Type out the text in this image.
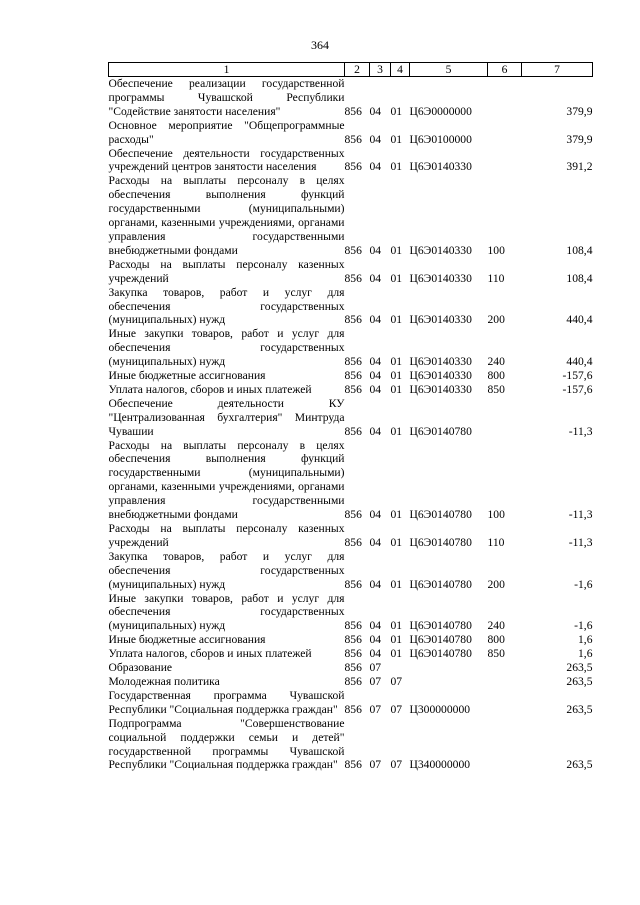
364
1	2	3	4	5	6	7
Обеспечение реализации государственной программы Чувашской Республики "Содействие занятости населения"	856	04	01	Ц6Э0000000		379,9
Основное мероприятие "Общепрограммные расходы"	856	04	01	Ц6Э0100000		379,9
Обеспечение деятельности государственных учреждений центров занятости населения	856	04	01	Ц6Э0140330		391,2
Расходы на выплаты персоналу в целях обеспечения выполнения функций государственными (муниципальными) органами, казенными учреждениями, органами управления государственными внебюджетными фондами	856	04	01	Ц6Э0140330	100	108,4
Расходы на выплаты персоналу казенных учреждений	856	04	01	Ц6Э0140330	110	108,4
Закупка товаров, работ и услуг для обеспечения государственных (муниципальных) нужд	856	04	01	Ц6Э0140330	200	440,4
Иные закупки товаров, работ и услуг для обеспечения государственных (муниципальных) нужд	856	04	01	Ц6Э0140330	240	440,4
Иные бюджетные ассигнования	856	04	01	Ц6Э0140330	800	-157,6
Уплата налогов, сборов и иных платежей	856	04	01	Ц6Э0140330	850	-157,6
Обеспечение деятельности КУ "Централизованная бухгалтерия" Минтруда Чувашии	856	04	01	Ц6Э0140780		-11,3
Расходы на выплаты персоналу в целях обеспечения выполнения функций государственными (муниципальными) органами, казенными учреждениями, органами управления государственными внебюджетными фондами	856	04	01	Ц6Э0140780	100	-11,3
Расходы на выплаты персоналу казенных учреждений	856	04	01	Ц6Э0140780	110	-11,3
Закупка товаров, работ и услуг для обеспечения государственных (муниципальных) нужд	856	04	01	Ц6Э0140780	200	-1,6
Иные закупки товаров, работ и услуг для обеспечения государственных (муниципальных) нужд	856	04	01	Ц6Э0140780	240	-1,6
Иные бюджетные ассигнования	856	04	01	Ц6Э0140780	800	1,6
Уплата налогов, сборов и иных платежей	856	04	01	Ц6Э0140780	850	1,6
Образование	856	07				263,5
Молодежная политика	856	07	07			263,5
Государственная программа Чувашской Республики "Социальная поддержка граждан"	856	07	07	Ц300000000		263,5
Подпрограмма "Совершенствование социальной поддержки семьи и детей" государственной программы Чувашской Республики "Социальная поддержка граждан"	856	07	07	Ц340000000		263,5
